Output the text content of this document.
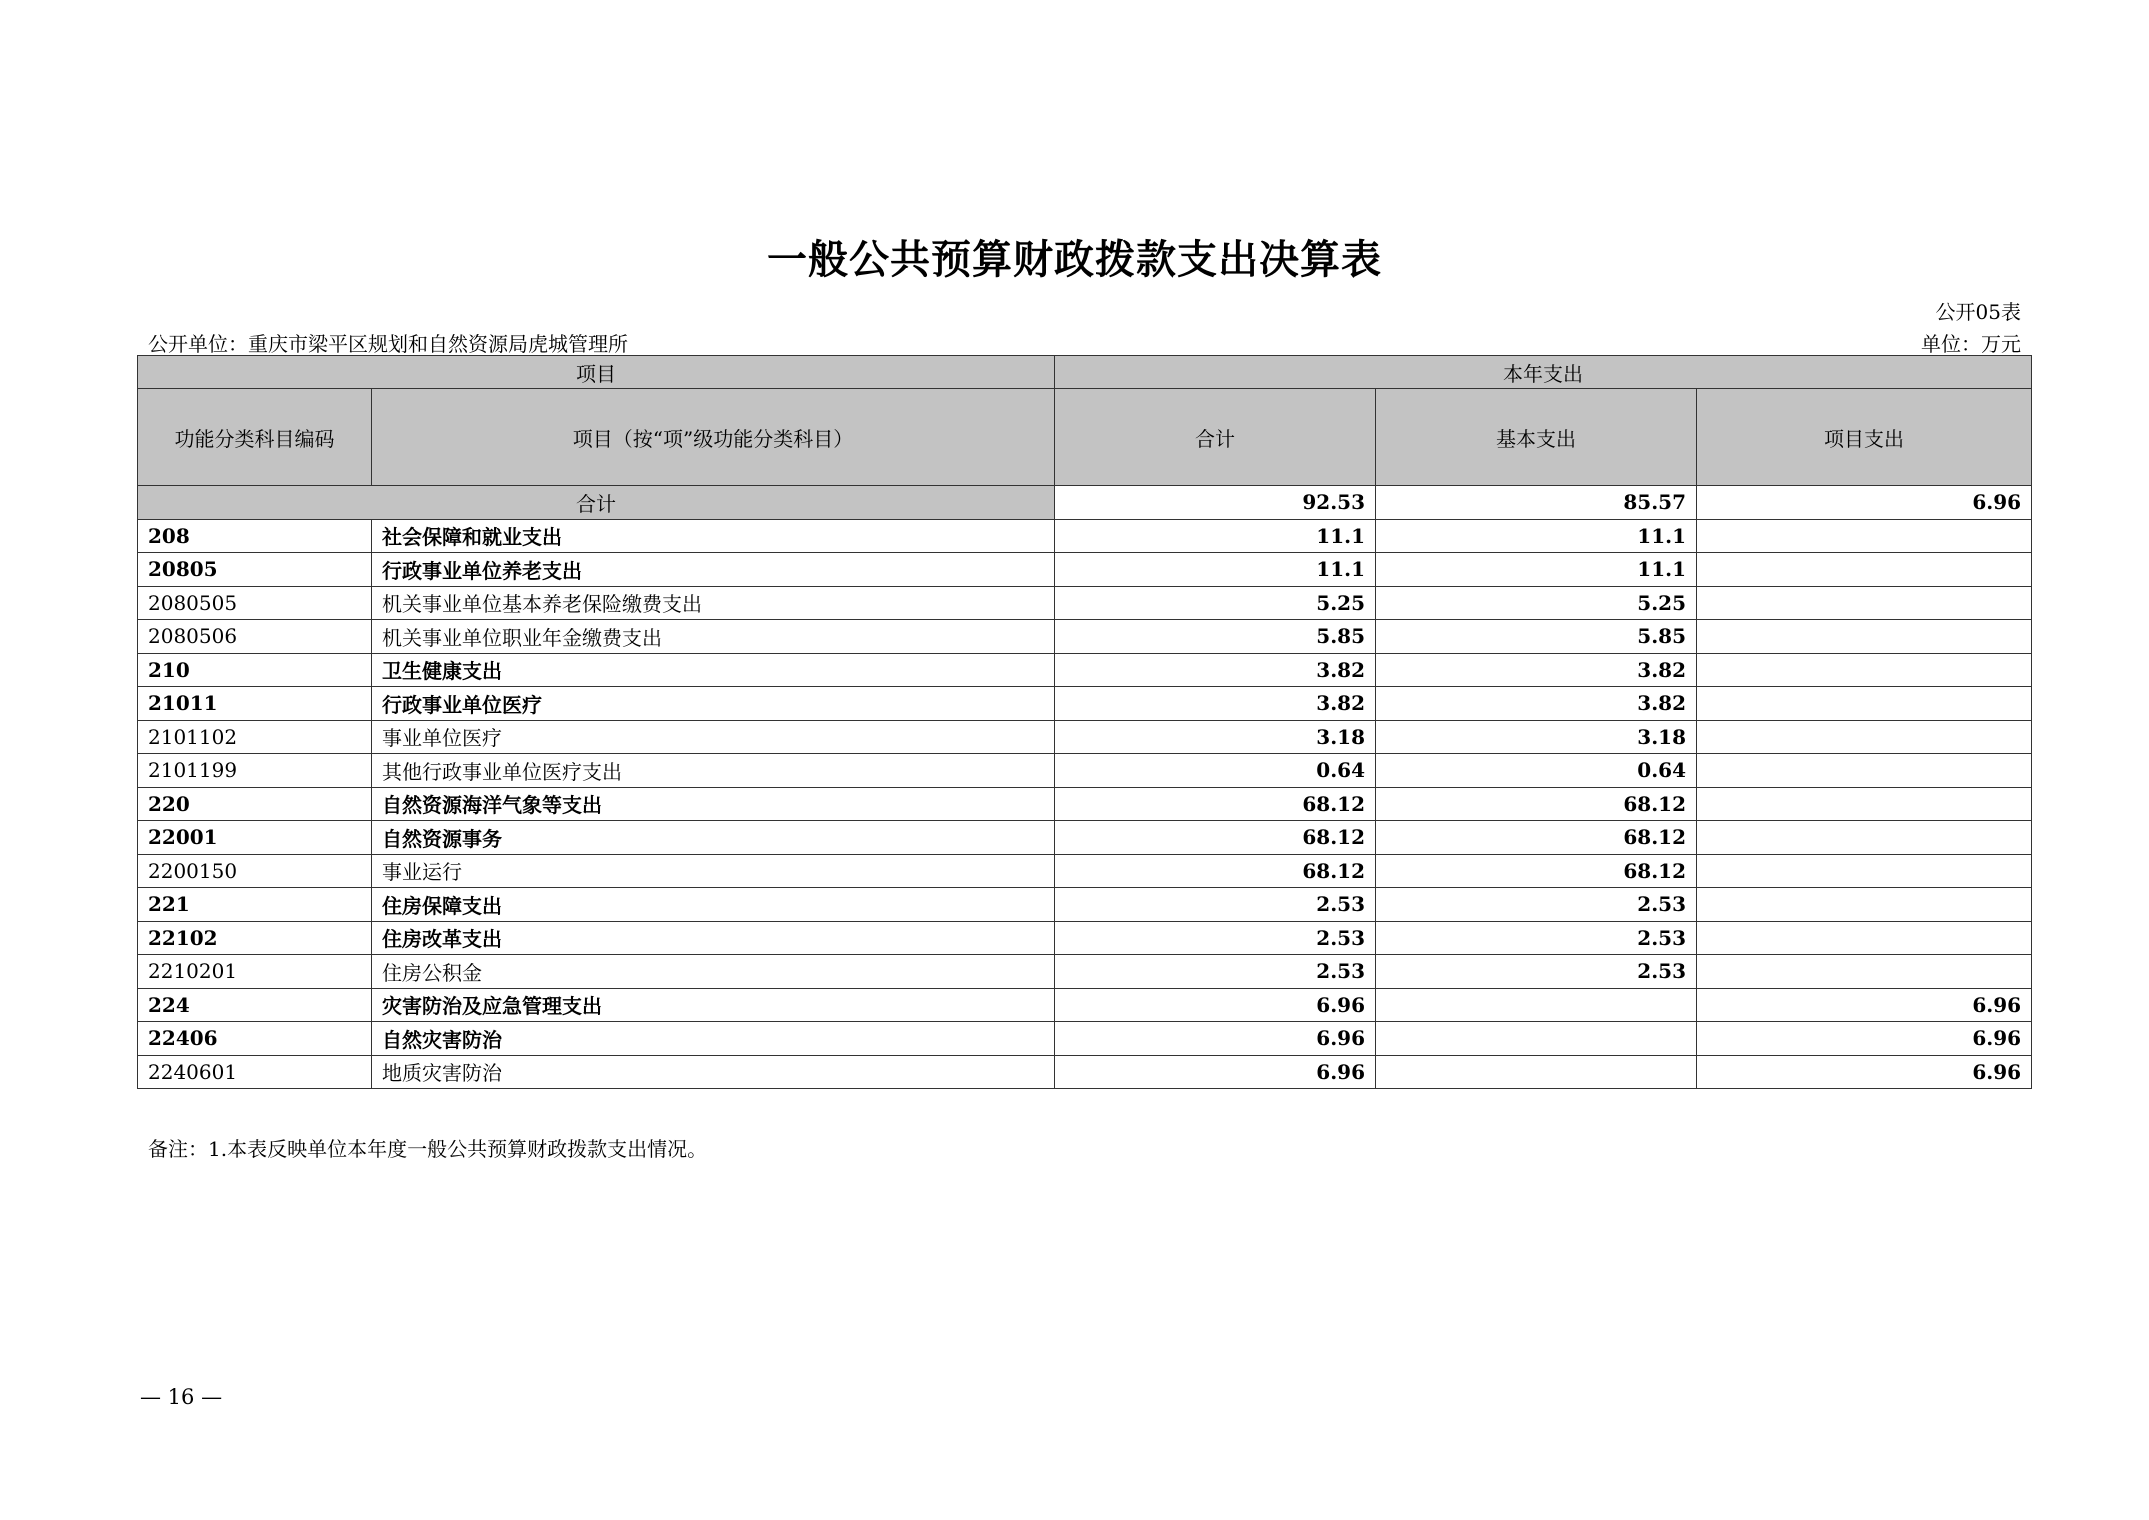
一般公共预算财政拨款支出决算表
公开05表
公开单位：重庆市梁平区规划和自然资源局虎城管理所	单位：万元
项目		本年支出		
功能分类科目编码	项目（按“项”级功能分类科目）	合计	基本支出	项目支出
合计		92.53	85.57	6.96
208	社会保障和就业支出	11.1	11.1	
20805	行政事业单位养老支出	11.1	11.1	
2080505	机关事业单位基本养老保险缴费支出	5.25	5.25	
2080506	机关事业单位职业年金缴费支出	5.85	5.85	
210	卫生健康支出	3.82	3.82	
21011	行政事业单位医疗	3.82	3.82	
2101102	事业单位医疗	3.18	3.18	
2101199	其他行政事业单位医疗支出	0.64	0.64	
220	自然资源海洋气象等支出	68.12	68.12	
22001	自然资源事务	68.12	68.12	
2200150	事业运行	68.12	68.12	
221	住房保障支出	2.53	2.53	
22102	住房改革支出	2.53	2.53	
2210201	住房公积金	2.53	2.53	
224	灾害防治及应急管理支出	6.96		6.96
22406	自然灾害防治	6.96		6.96
2240601	地质灾害防治	6.96		6.96
备注：1.本表反映单位本年度一般公共预算财政拨款支出情况。
— 16 —
